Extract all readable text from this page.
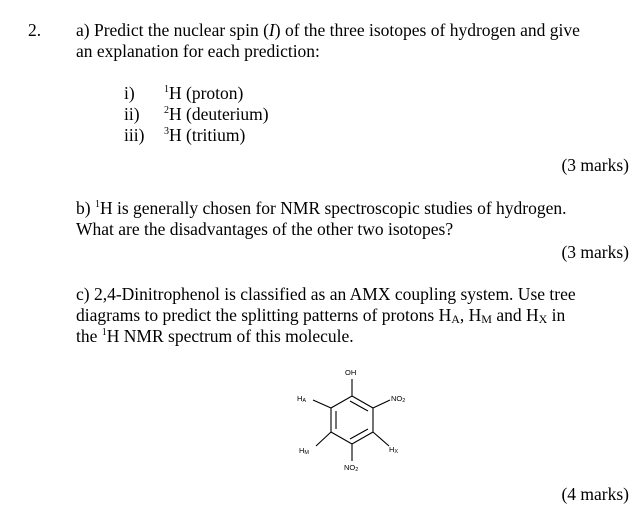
2. a) Predict the nuclear spin (I) of the three isotopes of hydrogen and give
an explanation for each prediction:
i)	$^1$H (proton)
ii) $^2$H (deuterium)
iii) $^3$H (tritium)
(3 marks)
b) $^1$H is generally chosen for NMR spectroscopic studies of hydrogen.
What are the disadvantages of the other two isotopes?
(3 marks)
c) 2,4-Dinitrophenol is classified as an AMX coupling system. Use tree
diagrams to predict the splitting patterns of protons $H_A$, $H_M$ and $H_X$ in
the $^1$H NMR spectrum of this molecule.
OH
$NO_2$
$H_A$
$H_M$	$H_X$
$NO_2$
(4 marks)
